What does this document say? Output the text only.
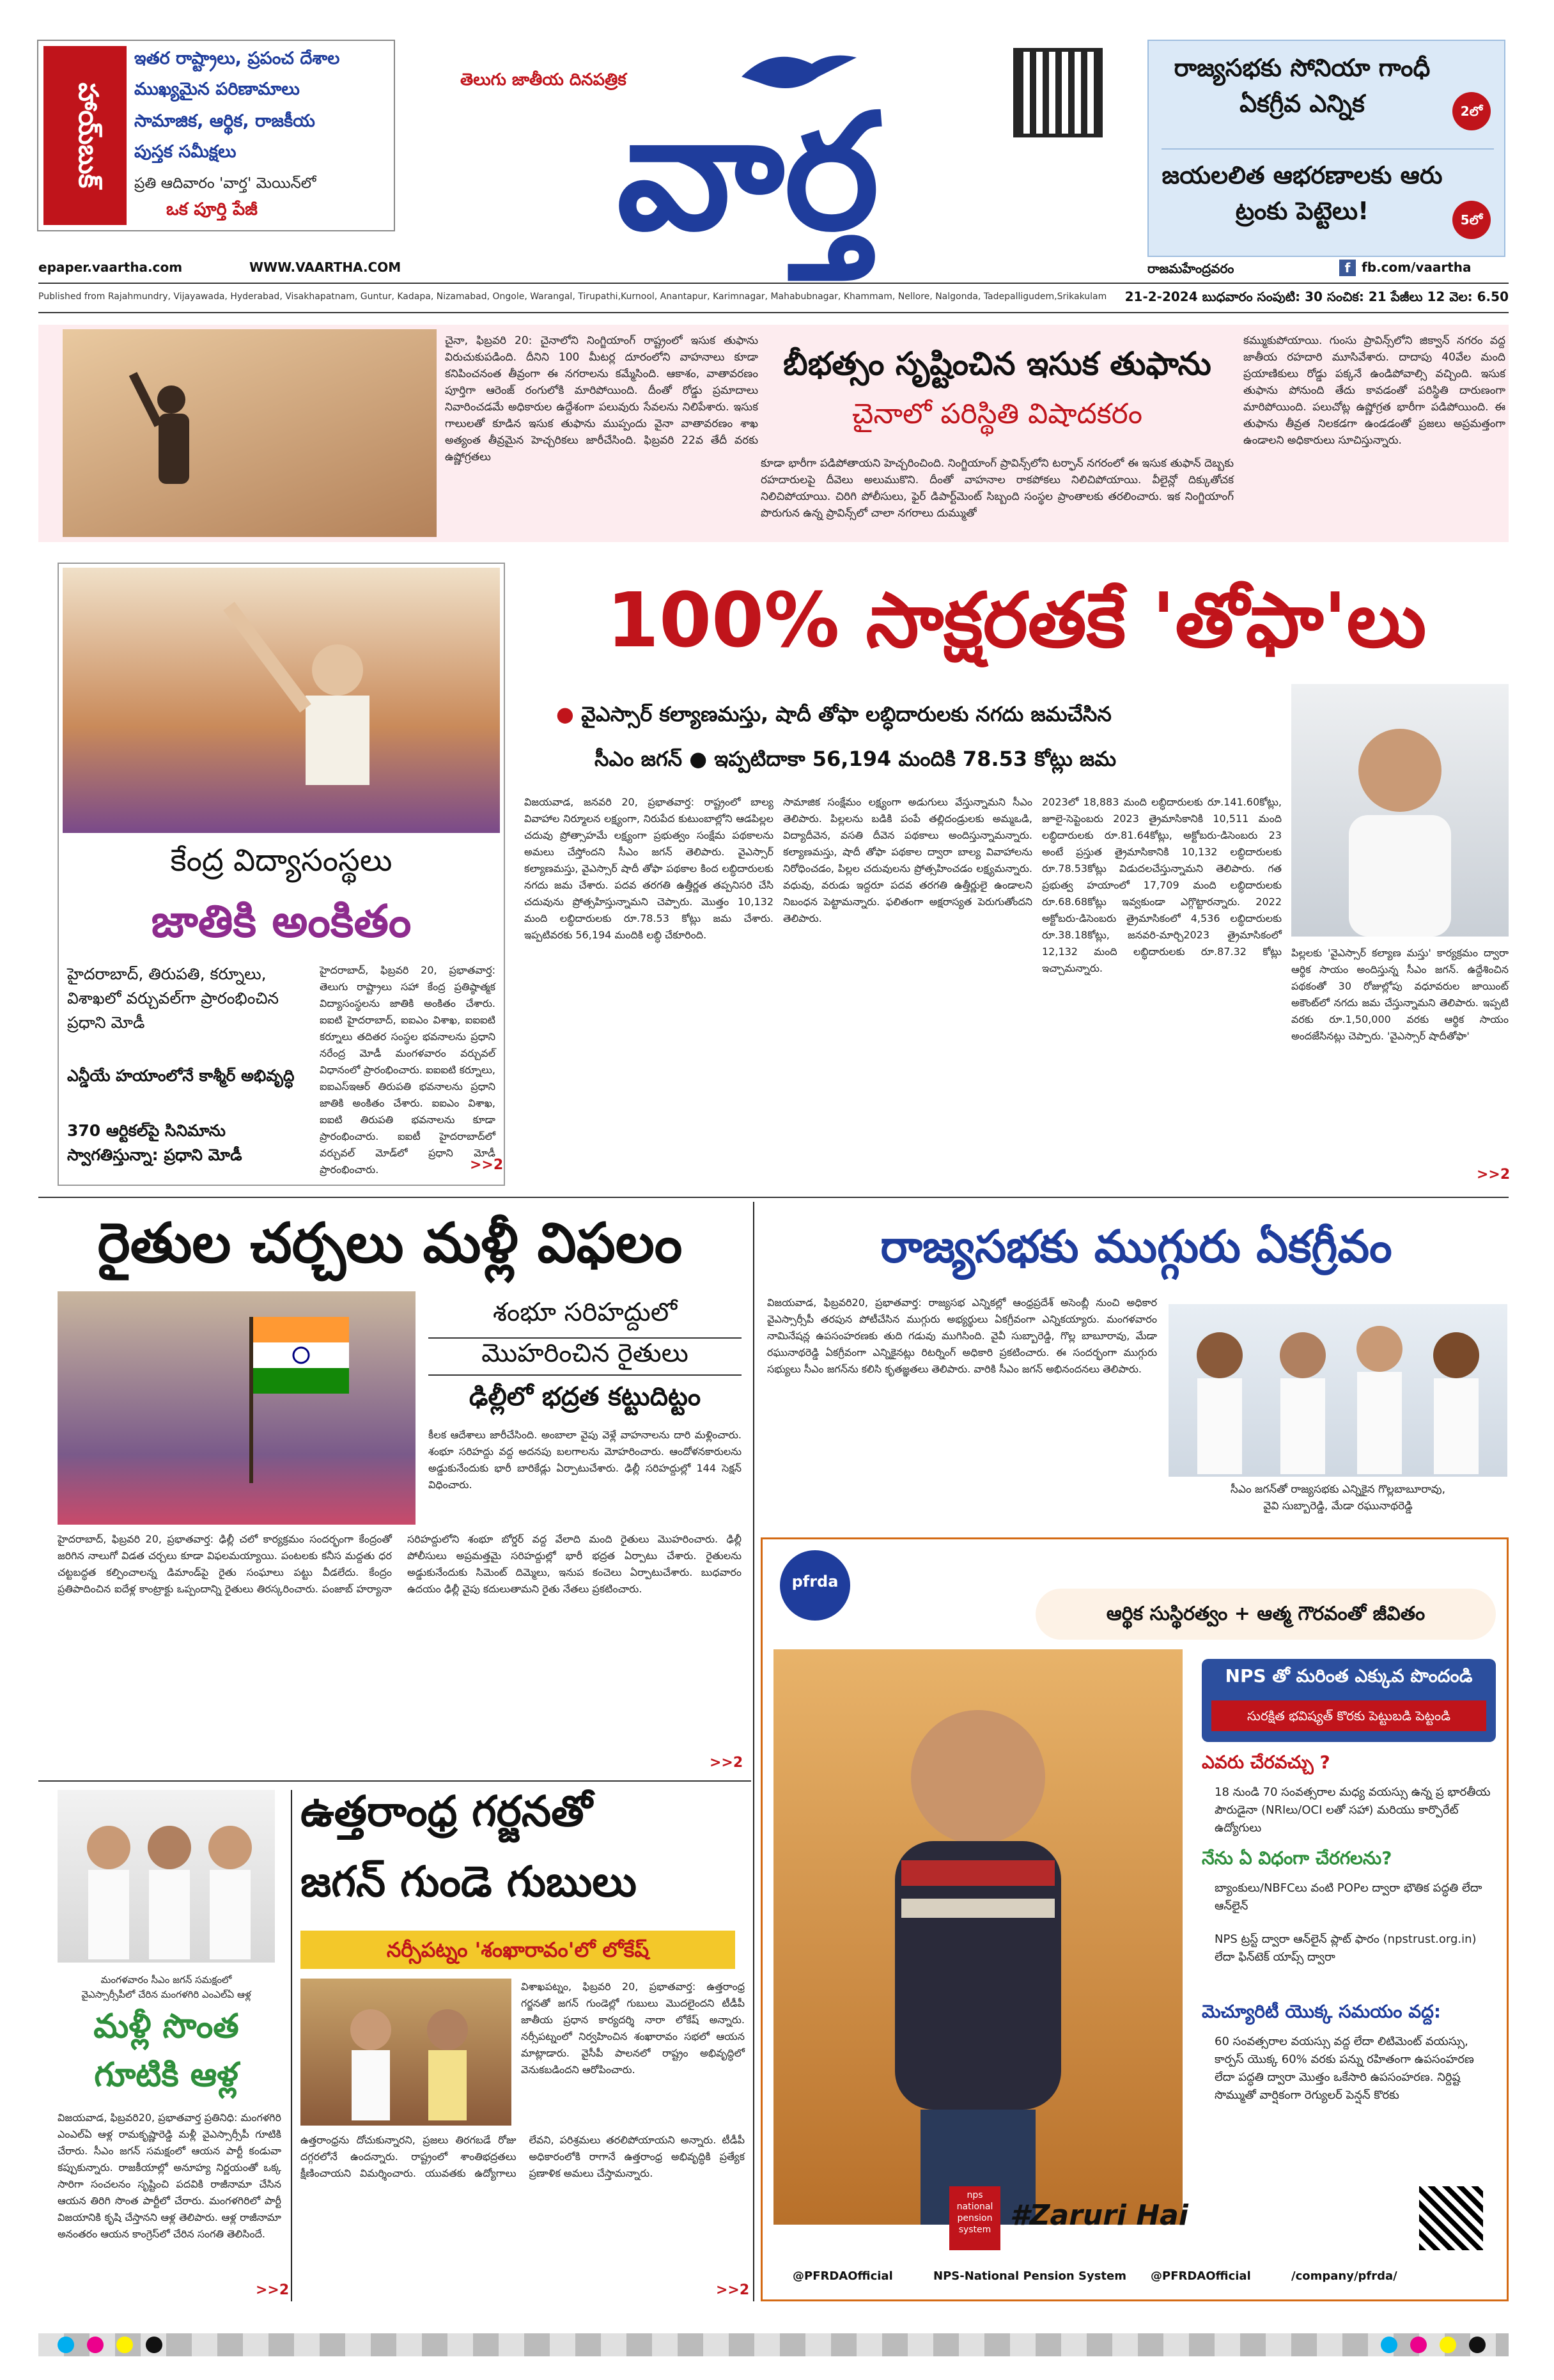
హాయ్‌బుక్
ఇతర రాష్ట్రాలు, ప్రపంచ దేశాల
ముఖ్యమైన పరిణామాలు
సామాజిక, ఆర్థిక, రాజకీయ
పుస్తక సమీక్షలు
ప్రతి ఆదివారం 'వార్త' మెయిన్‌లో
ఒక పూర్తి పేజీ
తెలుగు జాతీయ దినపత్రిక
వార్త
రాజ్యసభకు సోనియా గాంధీ ఏకగ్రీవ ఎన్నిక	2లో
జయలలిత ఆభరణాలకు ఆరు ట్రంకు పెట్టెలు!	5లో
epaper.vaartha.com	WWW.VAARTHA.COM	రాజమహేంద్రవరం	f fb.com/vaartha
Published from Rajahmundry, Vijayawada, Hyderabad, Visakhapatnam, Guntur, Kadapa, Nizamabad, Ongole, Warangal, Tirupathi,Kurnool, Anantapur, Karimnagar, Mahabubnagar, Khammam, Nellore, Nalgonda, Tadepalligudem,Srikakulam	21-2-2024 బుధవారం సంపుటి: 30 సంచిక: 21 పేజీలు 12 వెల: 6.50
చైనా, ఫిబ్రవరి 20: చైనాలోని నింగ్జియాంగ్ రాష్ట్రంలో ఇసుక తుఫాను విరుచుకుపడింది. దీనిని 100 మీటర్ల దూరంలోని వాహనాలు కూడా కనిపించనంత తీవ్రంగా ఈ నగరాలను కమ్మేసింది. ఆకాశం, వాతావరణం పూర్తిగా ఆరెంజ్ రంగులోకి మారిపోయింది. దీంతో రోడ్డు ప్రమాదాలు నివారించడమే అధికారుల ఉద్దేశంగా పలువురు సేవలను నిలిపేశారు. ఇసుక గాలులతో కూడిన ఇసుక తుఫాను ముప్పందు వైనా వాతావరణం శాఖ అత్యంత తీవ్రమైన హెచ్చరికలు జారీచేసింది. ఫిబ్రవరి 22వ తేదీ వరకు ఉష్ణోగ్రతలు
బీభత్సం సృష్టించిన ఇసుక తుఫాను
చైనాలో పరిస్థితి విషాదకరం
కూడా భారీగా పడిపోతాయని హెచ్చరించింది. నింగ్జియాంగ్ ప్రావిన్స్‌లోని టర్ఫాన్ నగరంలో ఈ ఇసుక తుఫాన్ దెబ్బకు రహదారులపై దీవెలు అలుముకొని. దీంతో వాహనాల రాకపోకలు నిలిచిపోయాయి. వీలైన్లో దిక్కుతోచక నిలిచిపోయాయి. చిరిగి పోలీసులు, ఫైర్ డిపార్ట్‌మెంట్ సిబ్బంది సంస్థల ప్రాంతాలకు తరలించారు. ఇక నింగ్జియాంగ్ పొరుగున ఉన్న ప్రావిన్స్‌లో చాలా నగరాలు దుమ్ముతో
కమ్ముకుపోయాయి. గుంసు ప్రావిన్స్‌లోని జిక్వాన్ నగరం వద్ద జాతీయ రహదారి మూసివేశారు. దాదాపు 40వేల మంది ప్రయాణికులు రోడ్డు పక్కనే ఉండిపోవాల్సి వచ్చింది. ఇసుక తుఫాను పోనుంది తేదు కావడంతో పరిస్థితి దారుణంగా మారిపోయింది. పలుచోట్ల ఉష్ణోగ్రత భారీగా పడిపోయింది. ఈ తుఫాను తీవ్రత నిలకడగా ఉండడంతో ప్రజలు అప్రమత్తంగా ఉండాలని అధికారులు సూచిస్తున్నారు.
కేంద్ర విద్యాసంస్థలు
జాతికి అంకితం
హైదరాబాద్, తిరుపతి, కర్నూలు, విశాఖలో వర్చువల్‌గా ప్రారంభించిన ప్రధాని మోడీ
ఎన్డీయే హయాంలోనే కాశ్మీర్ అభివృద్ధి
370 ఆర్టికల్‌పై సినిమాను స్వాగతిస్తున్నా: ప్రధాని మోడీ
హైదరాబాద్, ఫిబ్రవరి 20, ప్రభాతవార్త: తెలుగు రాష్ట్రాలు సహా కేంద్ర ప్రతిష్ఠాత్మక విద్యాసంస్థలను జాతికి అంకితం చేశారు. ఐఐటి హైదరాబాద్, ఐఐఎం విశాఖ, ఐఐఐటి కర్నూలు తదితర సంస్థల భవనాలను ప్రధాని నరేంద్ర మోడీ మంగళవారం వర్చువల్ విధానంలో ప్రారంభించారు. ఐఐఐటి కర్నూలు, ఐఐఎస్ఇఆర్ తిరుపతి భవనాలను ప్రధాని జాతికి అంకితం చేశారు. ఐఐఎం విశాఖ, ఐఐటి తిరుపతి భవనాలను కూడా ప్రారంభించారు. ఐఐటీ హైదరాబాద్‌లో వర్చువల్‌ మోడ్‌లో ప్రధాని మోడీ ప్రారంభించారు.	>>2
100% సాక్షరతకే 'తోఫా'లు
● వైఎస్సార్ కల్యాణమస్తు, షాదీ తోఫా లబ్ధిదారులకు నగదు జమచేసిన
సీఎం జగన్ ● ఇప్పటిదాకా 56,194 మందికి 78.53 కోట్లు జమ
విజయవాడ, జనవరి 20, ప్రభాతవార్త: రాష్ట్రంలో బాల్య వివాహాల నిర్మూలన లక్ష్యంగా, నిరుపేద కుటుంబాల్లోని ఆడపిల్లల చదువు ప్రోత్సాహమే లక్ష్యంగా ప్రభుత్వం సంక్షేమ పథకాలను అమలు చేస్తోందని సీఎం జగన్ తెలిపారు. వైఎస్సార్ కల్యాణమస్తు, వైఎస్సార్ షాదీ తోఫా పథకాల కింద లబ్ధిదారులకు నగదు జమ చేశారు. పదవ తరగతి ఉత్తీర్ణత తప్పనిసరి చేసి చదువును ప్రోత్సహిస్తున్నామని చెప్పారు. మొత్తం 10,132 మంది లబ్ధిదారులకు రూ.78.53 కోట్లు జమ చేశారు. ఇప్పటివరకు 56,194 మందికి లబ్ధి చేకూరింది.
సామాజిక సంక్షేమం లక్ష్యంగా అడుగులు వేస్తున్నామని సీఎం తెలిపారు. పిల్లలను బడికి పంపే తల్లిదండ్రులకు అమ్మఒడి, విద్యాదీవెన, వసతి దీవెన పథకాలు అందిస్తున్నామన్నారు. కల్యాణమస్తు, షాదీ తోఫా పథకాల ద్వారా బాల్య వివాహాలను నిరోధించడం, పిల్లల చదువులను ప్రోత్సహించడం లక్ష్యమన్నారు. వధువు, వరుడు ఇద్దరూ పదవ తరగతి ఉత్తీర్ణులై ఉండాలని నిబంధన పెట్టామన్నారు. ఫలితంగా అక్షరాస్యత పెరుగుతోందని తెలిపారు.
2023లో 18,883 మంది లబ్ధిదారులకు రూ.141.60కోట్లు, జూలై-సెప్టెంబరు 2023 త్రైమాసికానికి 10,511 మంది లబ్ధిదారులకు రూ.81.64కోట్లు, అక్టోబరు-డిసెంబరు 23 అంటే ప్రస్తుత త్రైమాసికానికి 10,132 లబ్ధిదారులకు రూ.78.53కోట్లు విడుదలచేస్తున్నామని తెలిపారు. గత ప్రభుత్వ హయాంలో 17,709 మంది లబ్ధిదారులకు రూ.68.68కోట్లు ఇవ్వకుండా ఎగ్గొట్టారన్నారు. 2022 అక్టోబరు-డిసెంబరు త్రైమాసికంలో 4,536 లబ్ధిదారులకు రూ.38.18కోట్లు, జనవరి-మార్చి2023 త్రైమాసికంలో 12,132 మంది లబ్ధిదారులకు రూ.87.32 కోట్లు ఇచ్చామన్నారు.
పిల్లలకు 'వైఎస్సార్ కల్యాణ మస్తు' కార్యక్రమం ద్వారా ఆర్థిక సాయం అందిస్తున్న సీఎం జగన్. ఉద్దేశించిన పథకంతో 30 రోజుల్లోపు వధూవరుల జాయింట్ అకౌంట్‌లో నగదు జమ చేస్తున్నామని తెలిపారు. ఇప్పటి వరకు రూ.1,50,000 వరకు ఆర్థిక సాయం అందజేసినట్లు చెప్పారు. 'వైఎస్సార్ షాదీతోఫా'
>>2
రైతుల చర్చలు మళ్లీ విఫలం
శంభూ సరిహద్దులో
మొహరించిన రైతులు
ఢిల్లీలో భద్రత కట్టుదిట్టం
కీలక ఆదేశాలు జారీచేసింది. అంబాలా వైపు వెళ్లే వాహనాలను దారి మళ్లించారు. శంభూ సరిహద్దు వద్ద అదనపు బలగాలను మోహరించారు. ఆందోళనకారులను అడ్డుకునేందుకు భారీ బారికేడ్లు ఏర్పాటుచేశారు. ఢిల్లీ సరిహద్దుల్లో 144 సెక్షన్ విధించారు.
హైదరాబాద్, ఫిబ్రవరి 20, ప్రభాతవార్త: ఢిల్లీ చలో కార్యక్రమం సందర్భంగా కేంద్రంతో జరిగిన నాలుగో విడత చర్చలు కూడా విఫలమయ్యాయి. పంటలకు కనీస మద్దతు ధర చట్టబద్ధత కల్పించాలన్న డిమాండ్‌పై రైతు సంఘాలు పట్టు వీడలేదు. కేంద్రం ప్రతిపాదించిన ఐదేళ్ల కాంట్రాక్టు ఒప్పందాన్ని రైతులు తిరస్కరించారు. పంజాబ్ హర్యానా సరిహద్దులోని శంభూ బోర్డర్ వద్ద వేలాది మంది రైతులు మొహరించారు. ఢిల్లీ పోలీసులు అప్రమత్తమై సరిహద్దుల్లో భారీ భద్రత ఏర్పాటు చేశారు. రైతులను అడ్డుకునేందుకు సిమెంట్ దిమ్మెలు, ఇనుప కంచెలు ఏర్పాటుచేశారు. బుధవారం ఉదయం ఢిల్లీ వైపు కదులుతామని రైతు నేతలు ప్రకటించారు.
>>2
రాజ్యసభకు ముగ్గురు ఏకగ్రీవం
విజయవాడ, ఫిబ్రవరి20, ప్రభాతవార్త: రాజ్యసభ ఎన్నికల్లో ఆంధ్రప్రదేశ్ అసెంబ్లీ నుంచి అధికార వైఎస్సార్సీపీ తరపున పోటీచేసిన ముగ్గురు అభ్యర్థులు ఏకగ్రీవంగా ఎన్నికయ్యారు. మంగళవారం నామినేషన్ల ఉపసంహరణకు తుది గడువు ముగిసింది. వైవీ సుబ్బారెడ్డి, గొల్ల బాబూరావు, మేడా రఘునాథరెడ్డి ఏకగ్రీవంగా ఎన్నికైనట్లు రిటర్నింగ్ అధికారి ప్రకటించారు. ఈ సందర్భంగా ముగ్గురు సభ్యులు సీఎం జగన్‌ను కలిసి కృతజ్ఞతలు తెలిపారు. వారికి సీఎం జగన్ అభినందనలు తెలిపారు.
సీఎం జగన్‌తో రాజ్యసభకు ఎన్నికైన గొల్లబాబూరావు,
వైవి సుబ్బారెడ్డి, మేడా రఘునాథరెడ్డి
pfrda
ఆర్థిక సుస్థిరత్వం + ఆత్మ గౌరవంతో జీవితం
NPS తో మరింత ఎక్కువ పొందండి
సురక్షిత భవిష్యత్ కొరకు పెట్టుబడి పెట్టండి
ఎవరు చేరవచ్చు ?
18 నుండి 70 సంవత్సరాల మధ్య వయస్సు ఉన్న ప్ర భారతీయ పౌరుడైనా (NRIలు/OCI లతో సహా) మరియు కార్పొరేట్ ఉద్యోగులు
నేను ఏ విధంగా చేరగలను?
బ్యాంకులు/NBFCలు వంటి POPల ద్వారా భౌతిక పద్ధతి లేదా ఆన్‌లైన్
NPS ట్రస్ట్ ద్వారా ఆన్‌లైన్ ప్లాట్ ఫారం (npstrust.org.in) లేదా ఫిన్‌టెక్ యాప్స్ ద్వారా
మెచ్యూరిటీ యొక్క సమయం వద్ద:
60 సంవత్సరాల వయస్సు వద్ద లేదా లిటిమెంట్ వయస్సు, కార్పస్ యొక్క 60% వరకు పన్ను రహితంగా ఉపసంహరణ లేదా పద్ధతి ద్వారా మొత్తం ఒకేసారి ఉపసంహరణ. నిర్దిష్ట సొమ్ముతో వార్షికంగా రెగ్యులర్ పెన్షన్ కొరకు
nps national pension system #Zaruri Hai
@PFRDAOfficial	NPS-National Pension System @PFRDAOfficial	/company/pfrda/
మంగళవారం సీఎం జగన్ సమక్షంలో
వైఎస్సార్సీపీలో చేరిన మంగళగిరి ఎంఎల్ఏ ఆళ్ల
మళ్లీ సొంత
గూటికి ఆళ్ల
విజయవాడ, ఫిబ్రవరి20, ప్రభాతవార్త ప్రతినిధి: మంగళగిరి ఎంఎల్ఏ ఆళ్ల రామకృష్ణారెడ్డి మళ్లీ వైఎస్సార్సీపీ గూటికి చేరారు. సీఎం జగన్ సమక్షంలో ఆయన పార్టీ కండువా కప్పుకున్నారు. రాజకీయాల్లో అనూహ్య నిర్ణయంతో ఒక్క సారిగా సంచలనం సృష్టించి పదవికి రాజీనామా చేసిన ఆయన తిరిగి సొంత పార్టీలో చేరారు. మంగళగిరిలో పార్టీ విజయానికి కృషి చేస్తానని ఆళ్ల తెలిపారు. ఆళ్ల రాజీనామా అనంతరం ఆయన కాంగ్రెస్‌లో చేరిన సంగతి తెలిసిందే.
>>2
ఉత్తరాంధ్ర గర్జనతో
జగన్ గుండె గుబులు
నర్సీపట్నం 'శంఖారావం'లో లోకేష్
విశాఖపట్నం, ఫిబ్రవరి 20, ప్రభాతవార్త: ఉత్తరాంధ్ర గర్జనతో జగన్ గుండెల్లో గుబులు మొదలైందని టీడీపీ జాతీయ ప్రధాన కార్యదర్శి నారా లోకేష్ అన్నారు. నర్సీపట్నంలో నిర్వహించిన శంఖారావం సభలో ఆయన మాట్లాడారు. వైసీపీ పాలనలో రాష్ట్రం అభివృద్ధిలో వెనుకబడిందని ఆరోపించారు.
ఉత్తరాంధ్రను దోచుకున్నారని, ప్రజలు తిరగబడే రోజు దగ్గరలోనే ఉందన్నారు. రాష్ట్రంలో శాంతిభద్రతలు క్షీణించాయని విమర్శించారు. యువతకు ఉద్యోగాలు లేవని, పరిశ్రమలు తరలిపోయాయని అన్నారు. టీడీపీ అధికారంలోకి రాగానే ఉత్తరాంధ్ర అభివృద్ధికి ప్రత్యేక ప్రణాళిక అమలు చేస్తామన్నారు.
>>2
